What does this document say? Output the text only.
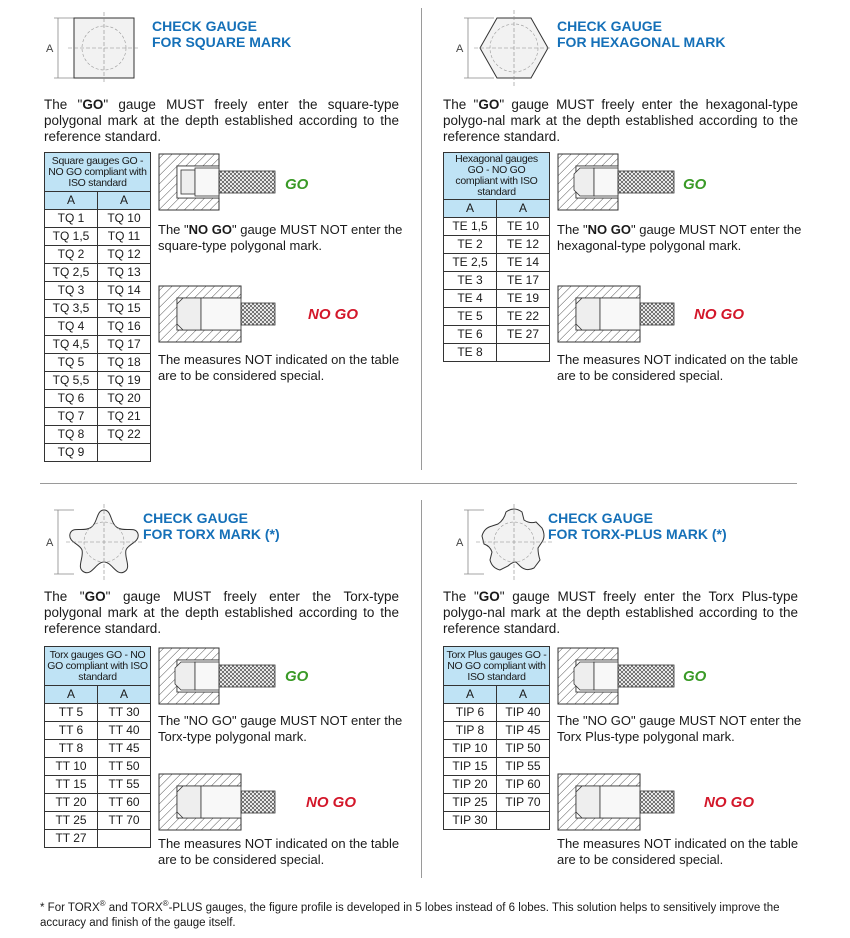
A
CHECK GAUGE
FOR SQUARE MARK
The "GO" gauge MUST freely enter the square-type polygonal mark at the depth established according to the reference standard.
Square gauges GO - NO GO compliant with ISO standard	
A	A
TQ 1	TQ 10
TQ 1,5	TQ 11
TQ 2	TQ 12
TQ 2,5	TQ 13
TQ 3	TQ 14
TQ 3,5	TQ 15
TQ 4	TQ 16
TQ 4,5	TQ 17
TQ 5	TQ 18
TQ 5,5	TQ 19
TQ 6	TQ 20
TQ 7	TQ 21
TQ 8	TQ 22
TQ 9	
GO
The "NO GO" gauge MUST NOT enter the square-type polygonal mark.
NO GO
The measures NOT indicated on the table are to be considered special.
A
CHECK GAUGE
FOR HEXAGONAL MARK
The "GO" gauge MUST freely enter the hexagonal-type polygo-nal mark at the depth established according to the reference standard.
Hexagonal gauges GO - NO GO compliant with ISO standard	
A	A
TE 1,5	TE 10
TE 2	TE 12
TE 2,5	TE 14
TE 3	TE 17
TE 4	TE 19
TE 5	TE 22
TE 6	TE 27
TE 8	
GO
The "NO GO" gauge MUST NOT enter the hexagonal-type polygonal mark.
NO GO
The measures NOT indicated on the table are to be considered special.
A
CHECK GAUGE
FOR TORX MARK (*)
The "GO" gauge MUST freely enter the Torx-type polygonal mark at the depth established according to the reference standard.
Torx gauges GO - NO GO compliant with ISO standard	
A	A
TT 5	TT 30
TT 6	TT 40
TT 8	TT 45
TT 10	TT 50
TT 15	TT 55
TT 20	TT 60
TT 25	TT 70
TT 27	
GO
The "NO GO" gauge MUST NOT enter the Torx-type polygonal mark.
NO GO
The measures NOT indicated on the table are to be considered special.
A
CHECK GAUGE
FOR TORX-PLUS MARK (*)
The "GO" gauge MUST freely enter the Torx Plus-type polygo-nal mark at the depth established according to the reference standard.
Torx Plus gauges GO - NO GO compliant with ISO standard	
A	A
TIP 6	TIP 40
TIP 8	TIP 45
TIP 10	TIP 50
TIP 15	TIP 55
TIP 20	TIP 60
TIP 25	TIP 70
TIP 30	
GO
The "NO GO" gauge MUST NOT enter the Torx Plus-type polygonal mark.
NO GO
The measures NOT indicated on the table are to be considered special.
* For TORX® and TORX®-PLUS gauges, the figure profile is developed in 5 lobes instead of 6 lobes. This solution helps to sensitively improve the accuracy and finish of the gauge itself.
